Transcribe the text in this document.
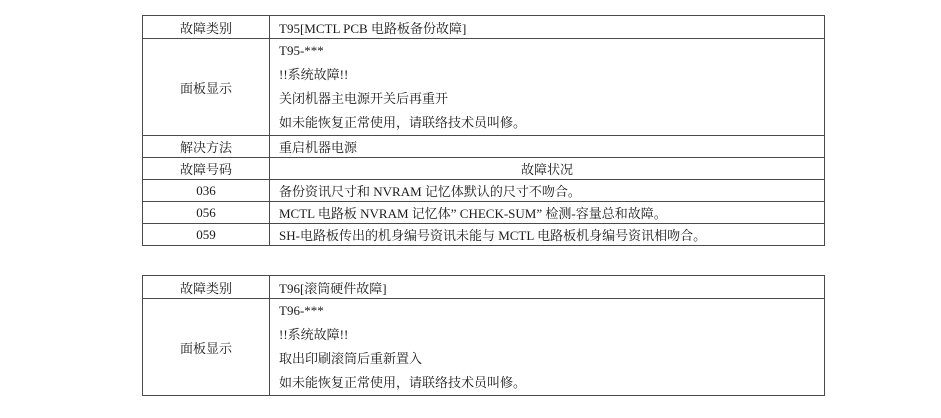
故障类别	T95[MCTL PCB 电路板备份故障]
面板显示	T95-***
!!系统故障!!
关闭机器主电源开关后再重开
如未能恢复正常使用，请联络技术员叫修。

解决方法	重启机器电源
故障号码	故障状况
036	备份资讯尺寸和 NVRAM 记忆体默认的尺寸不吻合。
056	MCTL 电路板 NVRAM 记忆体” CHECK-SUM” 检测-容量总和故障。
059	SH-电路板传出的机身编号资讯未能与 MCTL 电路板机身编号资讯相吻合。
故障类别	T96[滚筒硬件故障]
面板显示	T96-***
!!系统故障!!
取出印刷滚筒后重新置入
如未能恢复正常使用，请联络技术员叫修。
